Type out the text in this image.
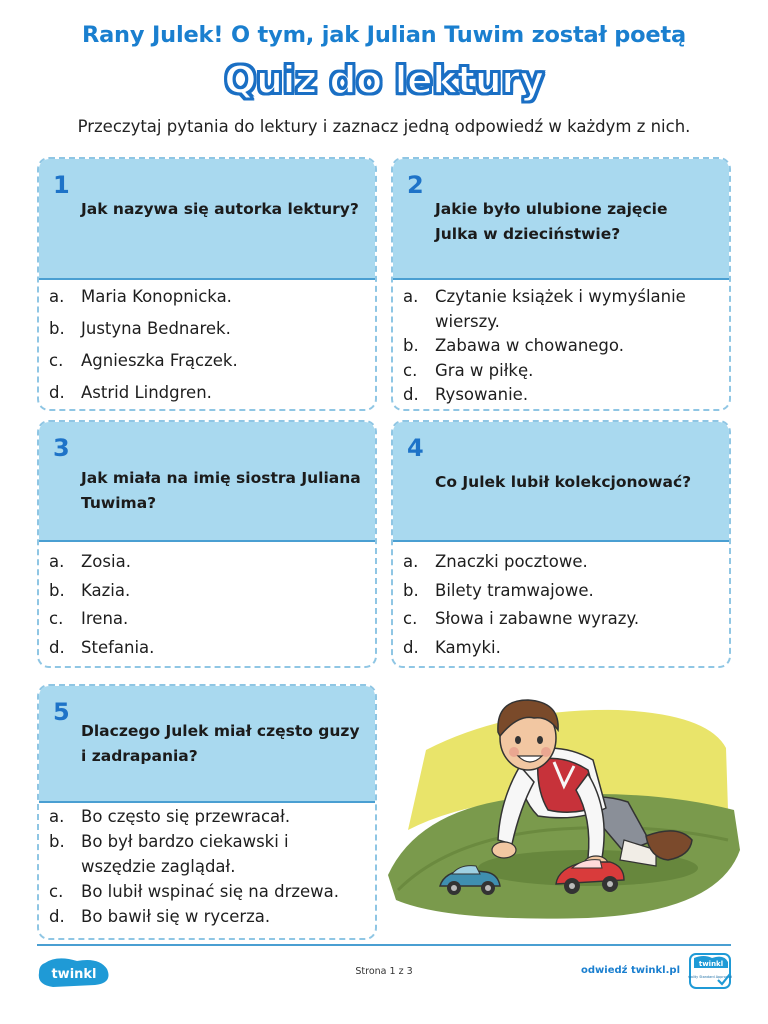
Rany Julek! O tym, jak Julian Tuwim został poetą
Quiz do lektury
Przeczytaj pytania do lektury i zaznacz jedną odpowiedź w każdym z nich.
1
Jak nazywa się autorka lektury?
a.	Maria Konopnicka.
b. Justyna Bednarek.
c.	Agnieszka Frączek.
d. Astrid Lindgren.
2
Jakie było ulubione zajęcie Julka w dzieciństwie?
a.	Czytanie książek i wymyślanie wierszy.
b. Zabawa w chowanego.
c.	Gra w piłkę.
d. Rysowanie.
3
Jak miała na imię siostra Juliana Tuwima?
a.	Zosia.
b. Kazia.
c.	Irena.
d. Stefania.
4
Co Julek lubił kolekcjonować?
a.	Znaczki pocztowe.
b. Bilety tramwajowe.
c.	Słowa i zabawne wyrazy.
d. Kamyki.
5
Dlaczego Julek miał często guzy i zadrapania?
a.	Bo często się przewracał.
b. Bo był bardzo ciekawski i wszędzie zaglądał.
c.	Bo lubił wspinać się na drzewa.
d. Bo bawił się w rycerza.
twinkl	Strona 1 z 3	odwiedź twinkl.pl
twinkl
Quality Standard Approved
